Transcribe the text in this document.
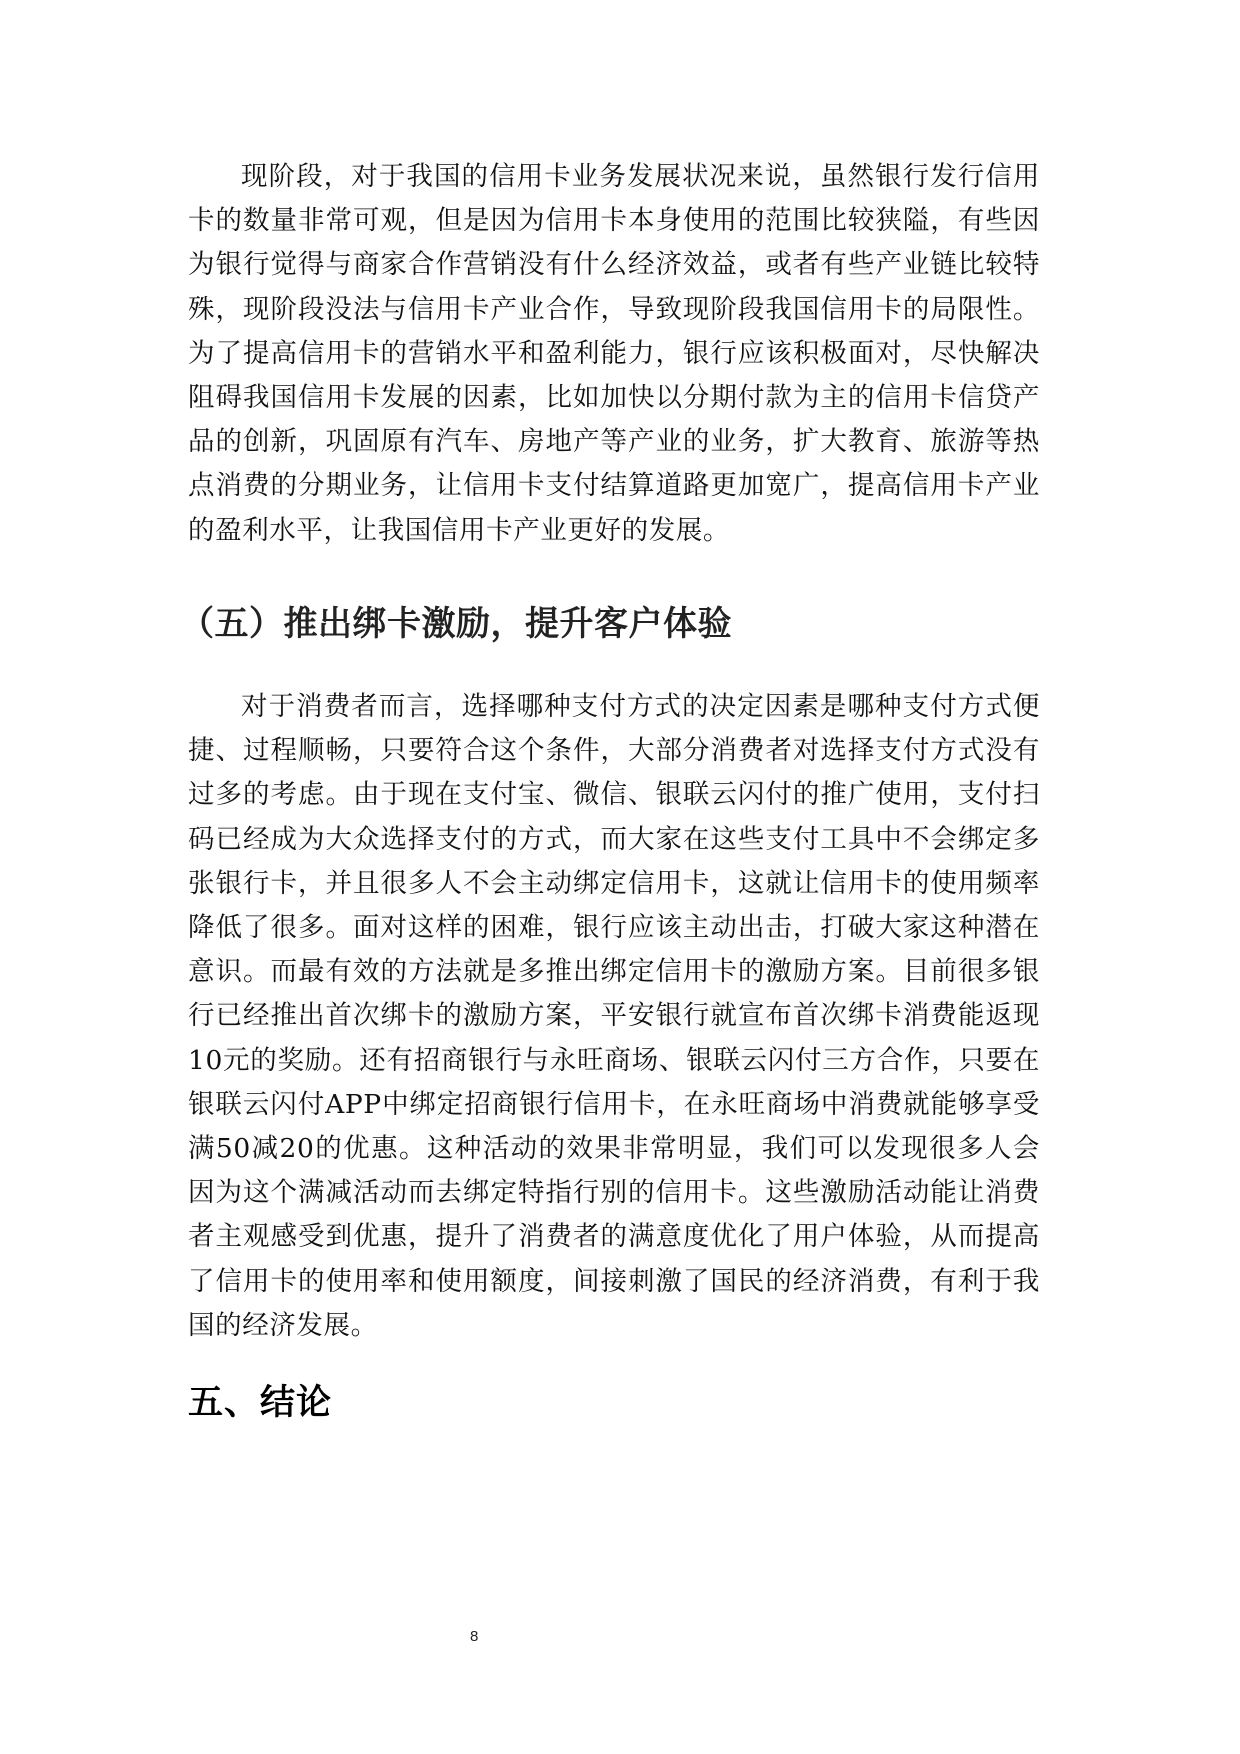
现阶段，对于我国的信用卡业务发展状况来说，虽然银行发行信用卡的数量非常可观，但是因为信用卡本身使用的范围比较狭隘，有些因为银行觉得与商家合作营销没有什么经济效益，或者有些产业链比较特殊，现阶段没法与信用卡产业合作，导致现阶段我国信用卡的局限性。为了提高信用卡的营销水平和盈利能力，银行应该积极面对，尽快解决阻碍我国信用卡发展的因素，比如加快以分期付款为主的信用卡信贷产品的创新，巩固原有汽车、房地产等产业的业务，扩大教育、旅游等热点消费的分期业务，让信用卡支付结算道路更加宽广，提高信用卡产业的盈利水平，让我国信用卡产业更好的发展。

（五）推出绑卡激励，提升客户体验

对于消费者而言，选择哪种支付方式的决定因素是哪种支付方式便捷、过程顺畅，只要符合这个条件，大部分消费者对选择支付方式没有过多的考虑。由于现在支付宝、微信、银联云闪付的推广使用，支付扫码已经成为大众选择支付的方式，而大家在这些支付工具中不会绑定多张银行卡，并且很多人不会主动绑定信用卡，这就让信用卡的使用频率降低了很多。面对这样的困难，银行应该主动出击，打破大家这种潜在意识。而最有效的方法就是多推出绑定信用卡的激励方案。目前很多银行已经推出首次绑卡的激励方案，平安银行就宣布首次绑卡消费能返现10元的奖励。还有招商银行与永旺商场、银联云闪付三方合作，只要在银联云闪付APP中绑定招商银行信用卡，在永旺商场中消费就能够享受满50减20的优惠。这种活动的效果非常明显，我们可以发现很多人会因为这个满减活动而去绑定特指行别的信用卡。这些激励活动能让消费者主观感受到优惠，提升了消费者的满意度优化了用户体验，从而提高了信用卡的使用率和使用额度，间接刺激了国民的经济消费，有利于我国的经济发展。

五、结论
8
